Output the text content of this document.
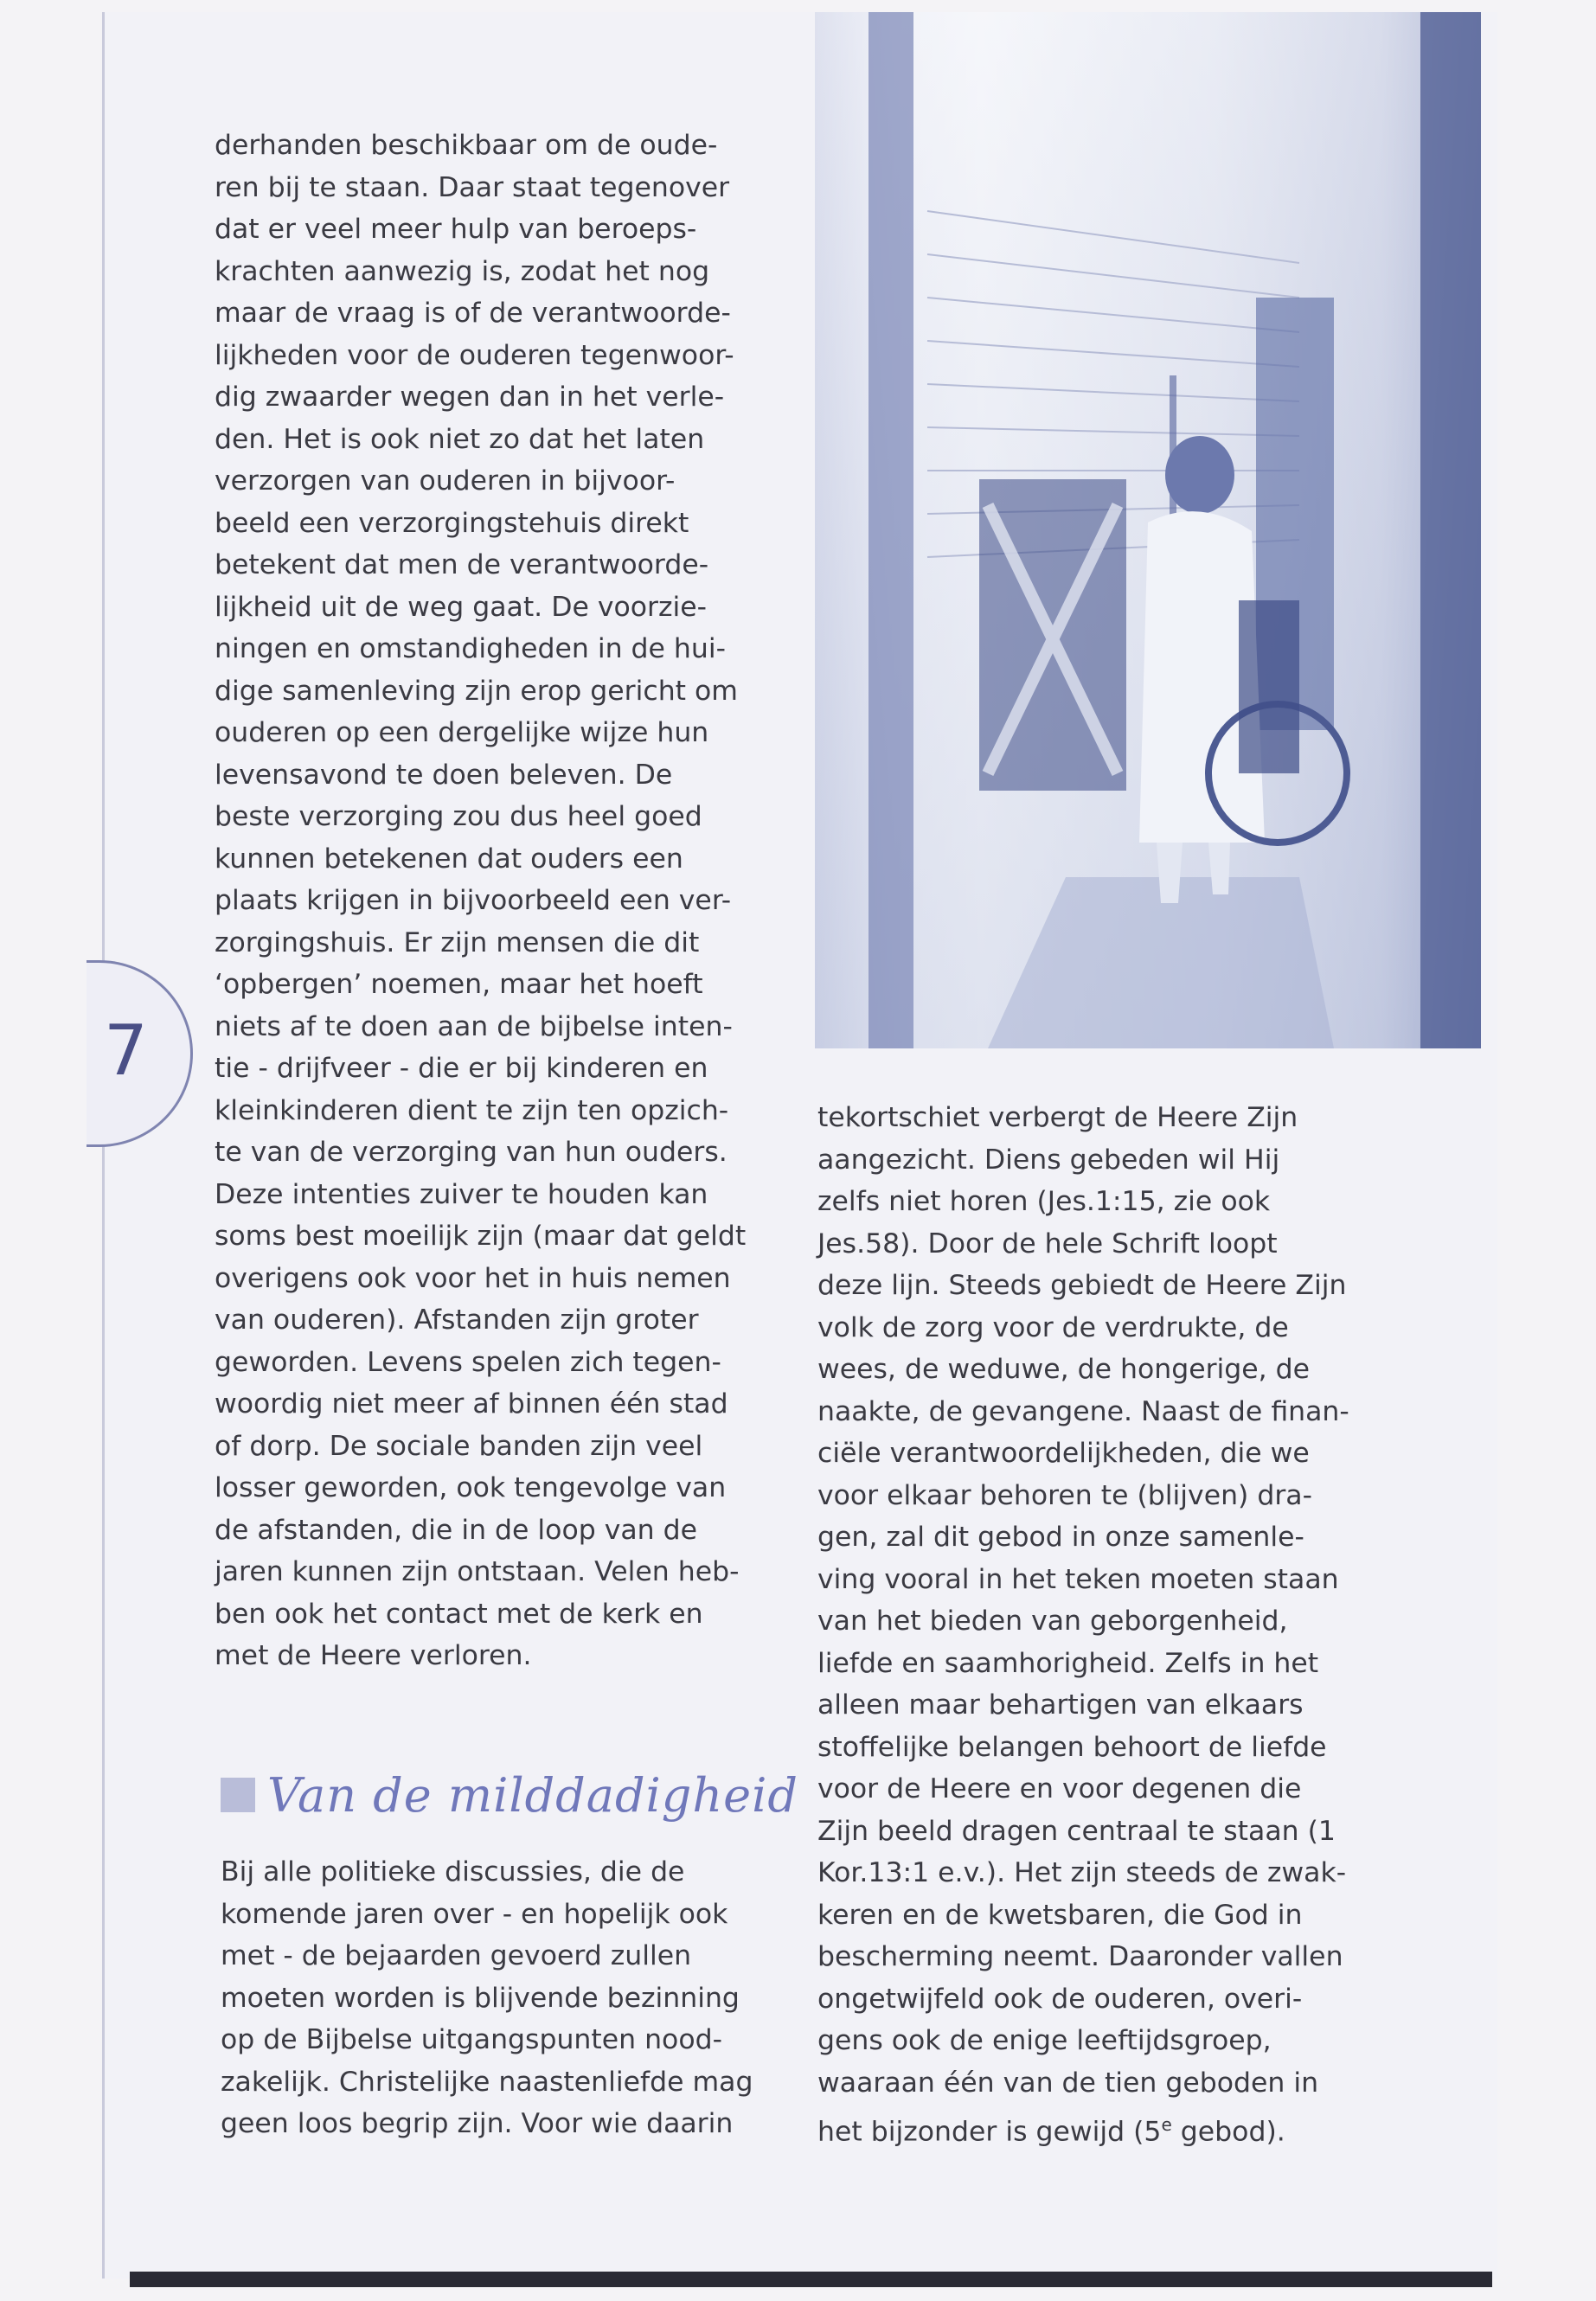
7
derhanden beschikbaar om de oude-
ren bij te staan. Daar staat tegenover
dat er veel meer hulp van beroeps-
krachten aanwezig is, zodat het nog
maar de vraag is of de verantwoorde-
lijkheden voor de ouderen tegenwoor-
dig zwaarder wegen dan in het verle-
den. Het is ook niet zo dat het laten
verzorgen van ouderen in bijvoor-
beeld een verzorgingstehuis direkt
betekent dat men de verantwoorde-
lijkheid uit de weg gaat. De voorzie-
ningen en omstandigheden in de hui-
dige samenleving zijn erop gericht om
ouderen op een dergelijke wijze hun
levensavond te doen beleven. De
beste verzorging zou dus heel goed
kunnen betekenen dat ouders een
plaats krijgen in bijvoorbeeld een ver-
zorgingshuis. Er zijn mensen die dit
‘opbergen’ noemen, maar het hoeft
niets af te doen aan de bijbelse inten-
tie - drijfveer - die er bij kinderen en
kleinkinderen dient te zijn ten opzich-
te van de verzorging van hun ouders.
Deze intenties zuiver te houden kan
soms best moeilijk zijn (maar dat geldt
overigens ook voor het in huis nemen
van ouderen). Afstanden zijn groter
geworden. Levens spelen zich tegen-
woordig niet meer af binnen één stad
of dorp. De sociale banden zijn veel
losser geworden, ook tengevolge van
de afstanden, die in de loop van de
jaren kunnen zijn ontstaan. Velen heb-
ben ook het contact met de kerk en
met de Heere verloren.
Van de milddadigheid
Bij alle politieke discussies, die de
komende jaren over - en hopelijk ook
met - de bejaarden gevoerd zullen
moeten worden is blijvende bezinning
op de Bijbelse uitgangspunten nood-
zakelijk. Christelijke naastenliefde mag
geen loos begrip zijn. Voor wie daarin
tekortschiet verbergt de Heere Zijn
aangezicht. Diens gebeden wil Hij
zelfs niet horen (Jes.1:15, zie ook
Jes.58). Door de hele Schrift loopt
deze lijn. Steeds gebiedt de Heere Zijn
volk de zorg voor de verdrukte, de
wees, de weduwe, de hongerige, de
naakte, de gevangene. Naast de finan-
ciële verantwoordelijkheden, die we
voor elkaar behoren te (blijven) dra-
gen, zal dit gebod in onze samenle-
ving vooral in het teken moeten staan
van het bieden van geborgenheid,
liefde en saamhorigheid. Zelfs in het
alleen maar behartigen van elkaars
stoffelijke belangen behoort de liefde
voor de Heere en voor degenen die
Zijn beeld dragen centraal te staan (1
Kor.13:1 e.v.). Het zijn steeds de zwak-
keren en de kwetsbaren, die God in
bescherming neemt. Daaronder vallen
ongetwijfeld ook de ouderen, overi-
gens ook de enige leeftijdsgroep,
waaraan één van de tien geboden in
het bijzonder is gewijd (5e gebod).
